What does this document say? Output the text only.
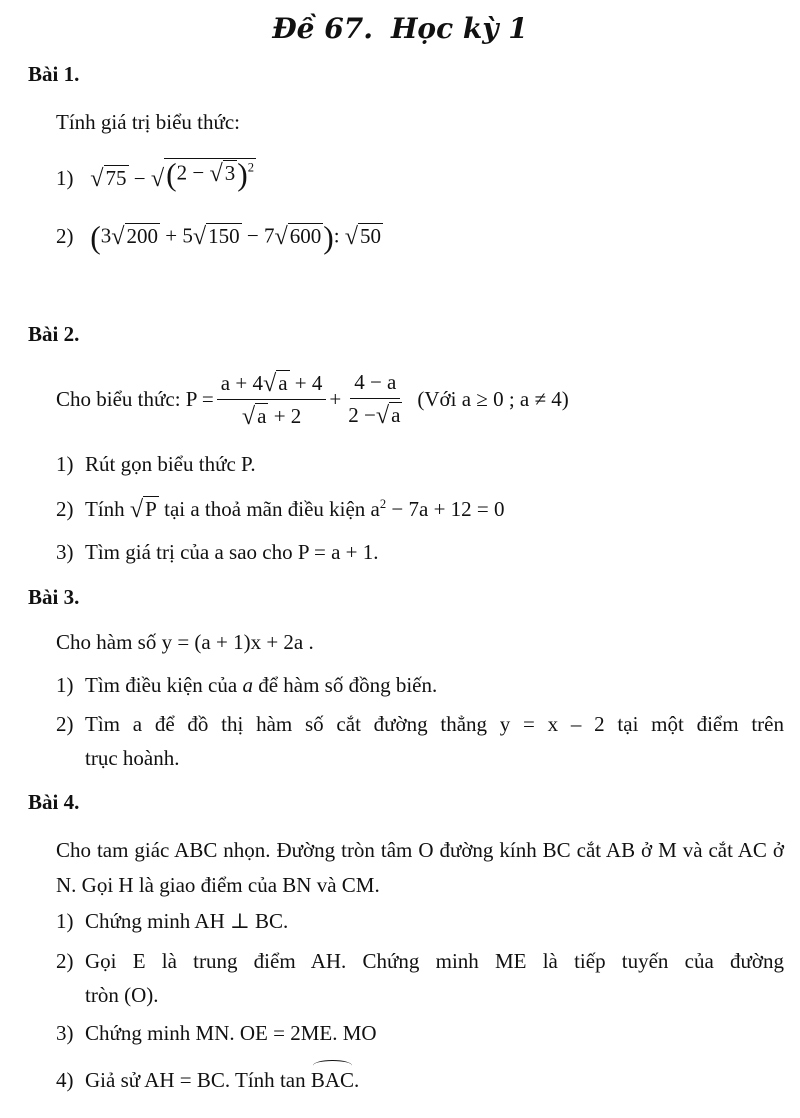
Đề 67. Học kỳ 1
Bài 1.
Tính giá trị biểu thức:
1) √ 75 − √ (2 − √ 3 )$^2$
2) (3 √ 200 + 5 √ 150 − 7 √ 600 ): √ 50
Bài 2.
Cho biểu thức: $P = \frac{a + 4 √ a + 4}{√ a + 2} + \frac{4 - a}{2 - √ a}$ (Với a ≥ 0 ; a ≠ 4)
1) Rút gọn biểu thức P.
2) Tính √ P tại a thoả mãn điều kiện $a^2 - 7a + 12 = 0$
3) Tìm giá trị của a sao cho P = a + 1.
Bài 3.
Cho hàm số y = (a + 1)x + 2a .
1) Tìm điều kiện của a để hàm số đồng biến.
2) Tìm a để đồ thị hàm số cắt đường thẳng y = x – 2 tại một điểm trên
trục hoành.
Bài 4.
Cho tam giác ABC nhọn. Đường tròn tâm O đường kính BC cắt AB ở M và cắt AC ở N. Gọi H là giao điểm của BN và CM.
1) Chứng minh AH ⊥ BC.
2) Gọi E là trung điểm AH. Chứng minh ME là tiếp tuyến của đường
tròn (O).
3) Chứng minh MN. OE = 2ME. MO
4) Giả sử AH = BC. Tính tan BAC.
